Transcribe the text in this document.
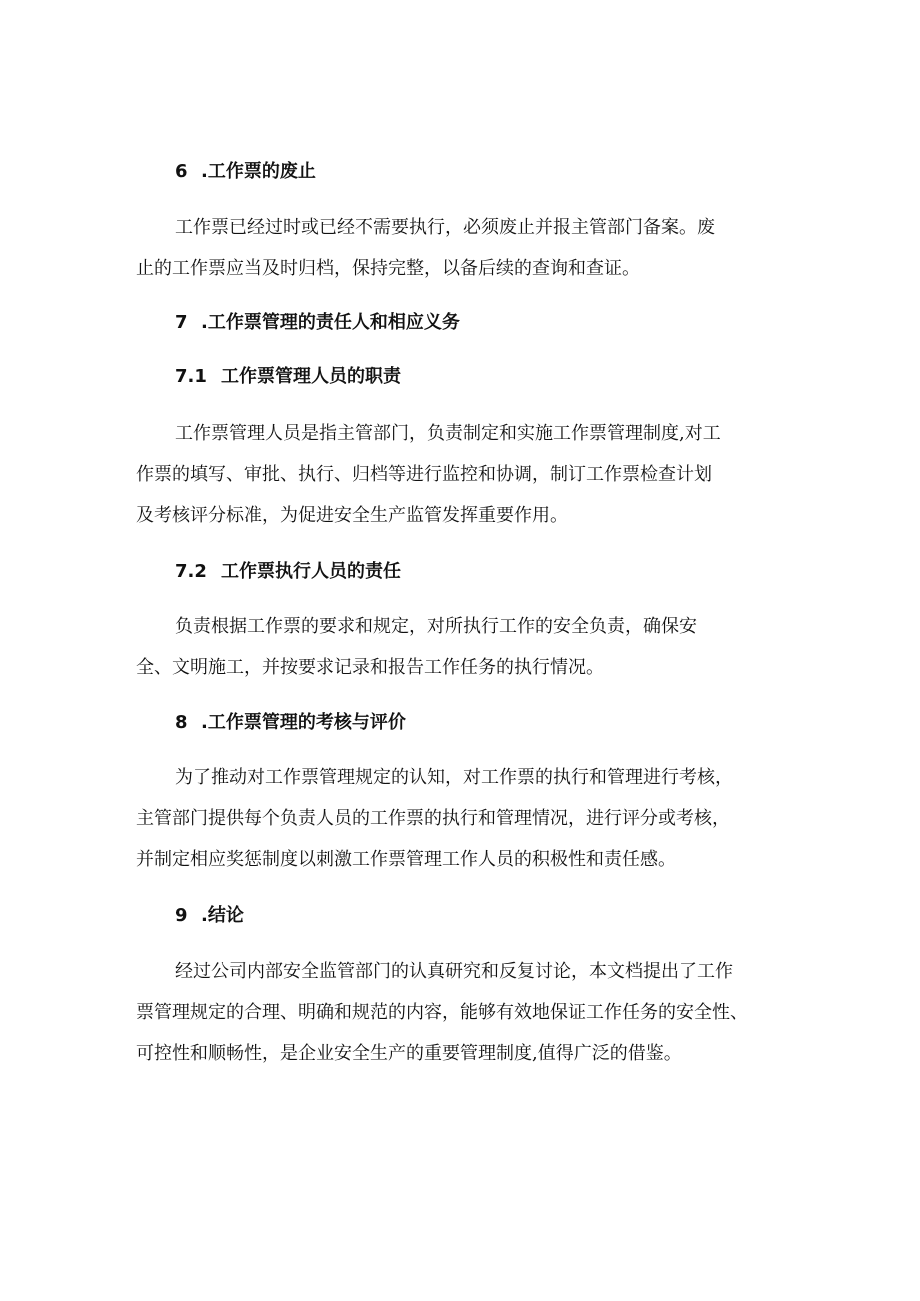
6 .工作票的废止
工作票已经过时或已经不需要执行，必须废止并报主管部门备案。废
止的工作票应当及时归档，保持完整，以备后续的查询和查证。
7 .工作票管理的责任人和相应义务
7.1 工作票管理人员的职责
工作票管理人员是指主管部门，负责制定和实施工作票管理制度,对工
作票的填写、审批、执行、归档等进行监控和协调，制订工作票检查计划
及考核评分标准，为促进安全生产监管发挥重要作用。
7.2 工作票执行人员的责任
负责根据工作票的要求和规定，对所执行工作的安全负责，确保安
全、文明施工，并按要求记录和报告工作任务的执行情况。
8 .工作票管理的考核与评价
为了推动对工作票管理规定的认知，对工作票的执行和管理进行考核，
主管部门提供每个负责人员的工作票的执行和管理情况，进行评分或考核，
并制定相应奖惩制度以刺激工作票管理工作人员的积极性和责任感。
9 .结论
经过公司内部安全监管部门的认真研究和反复讨论，本文档提出了工作
票管理规定的合理、明确和规范的内容，能够有效地保证工作任务的安全性、
可控性和顺畅性，是企业安全生产的重要管理制度,值得广泛的借鉴。
